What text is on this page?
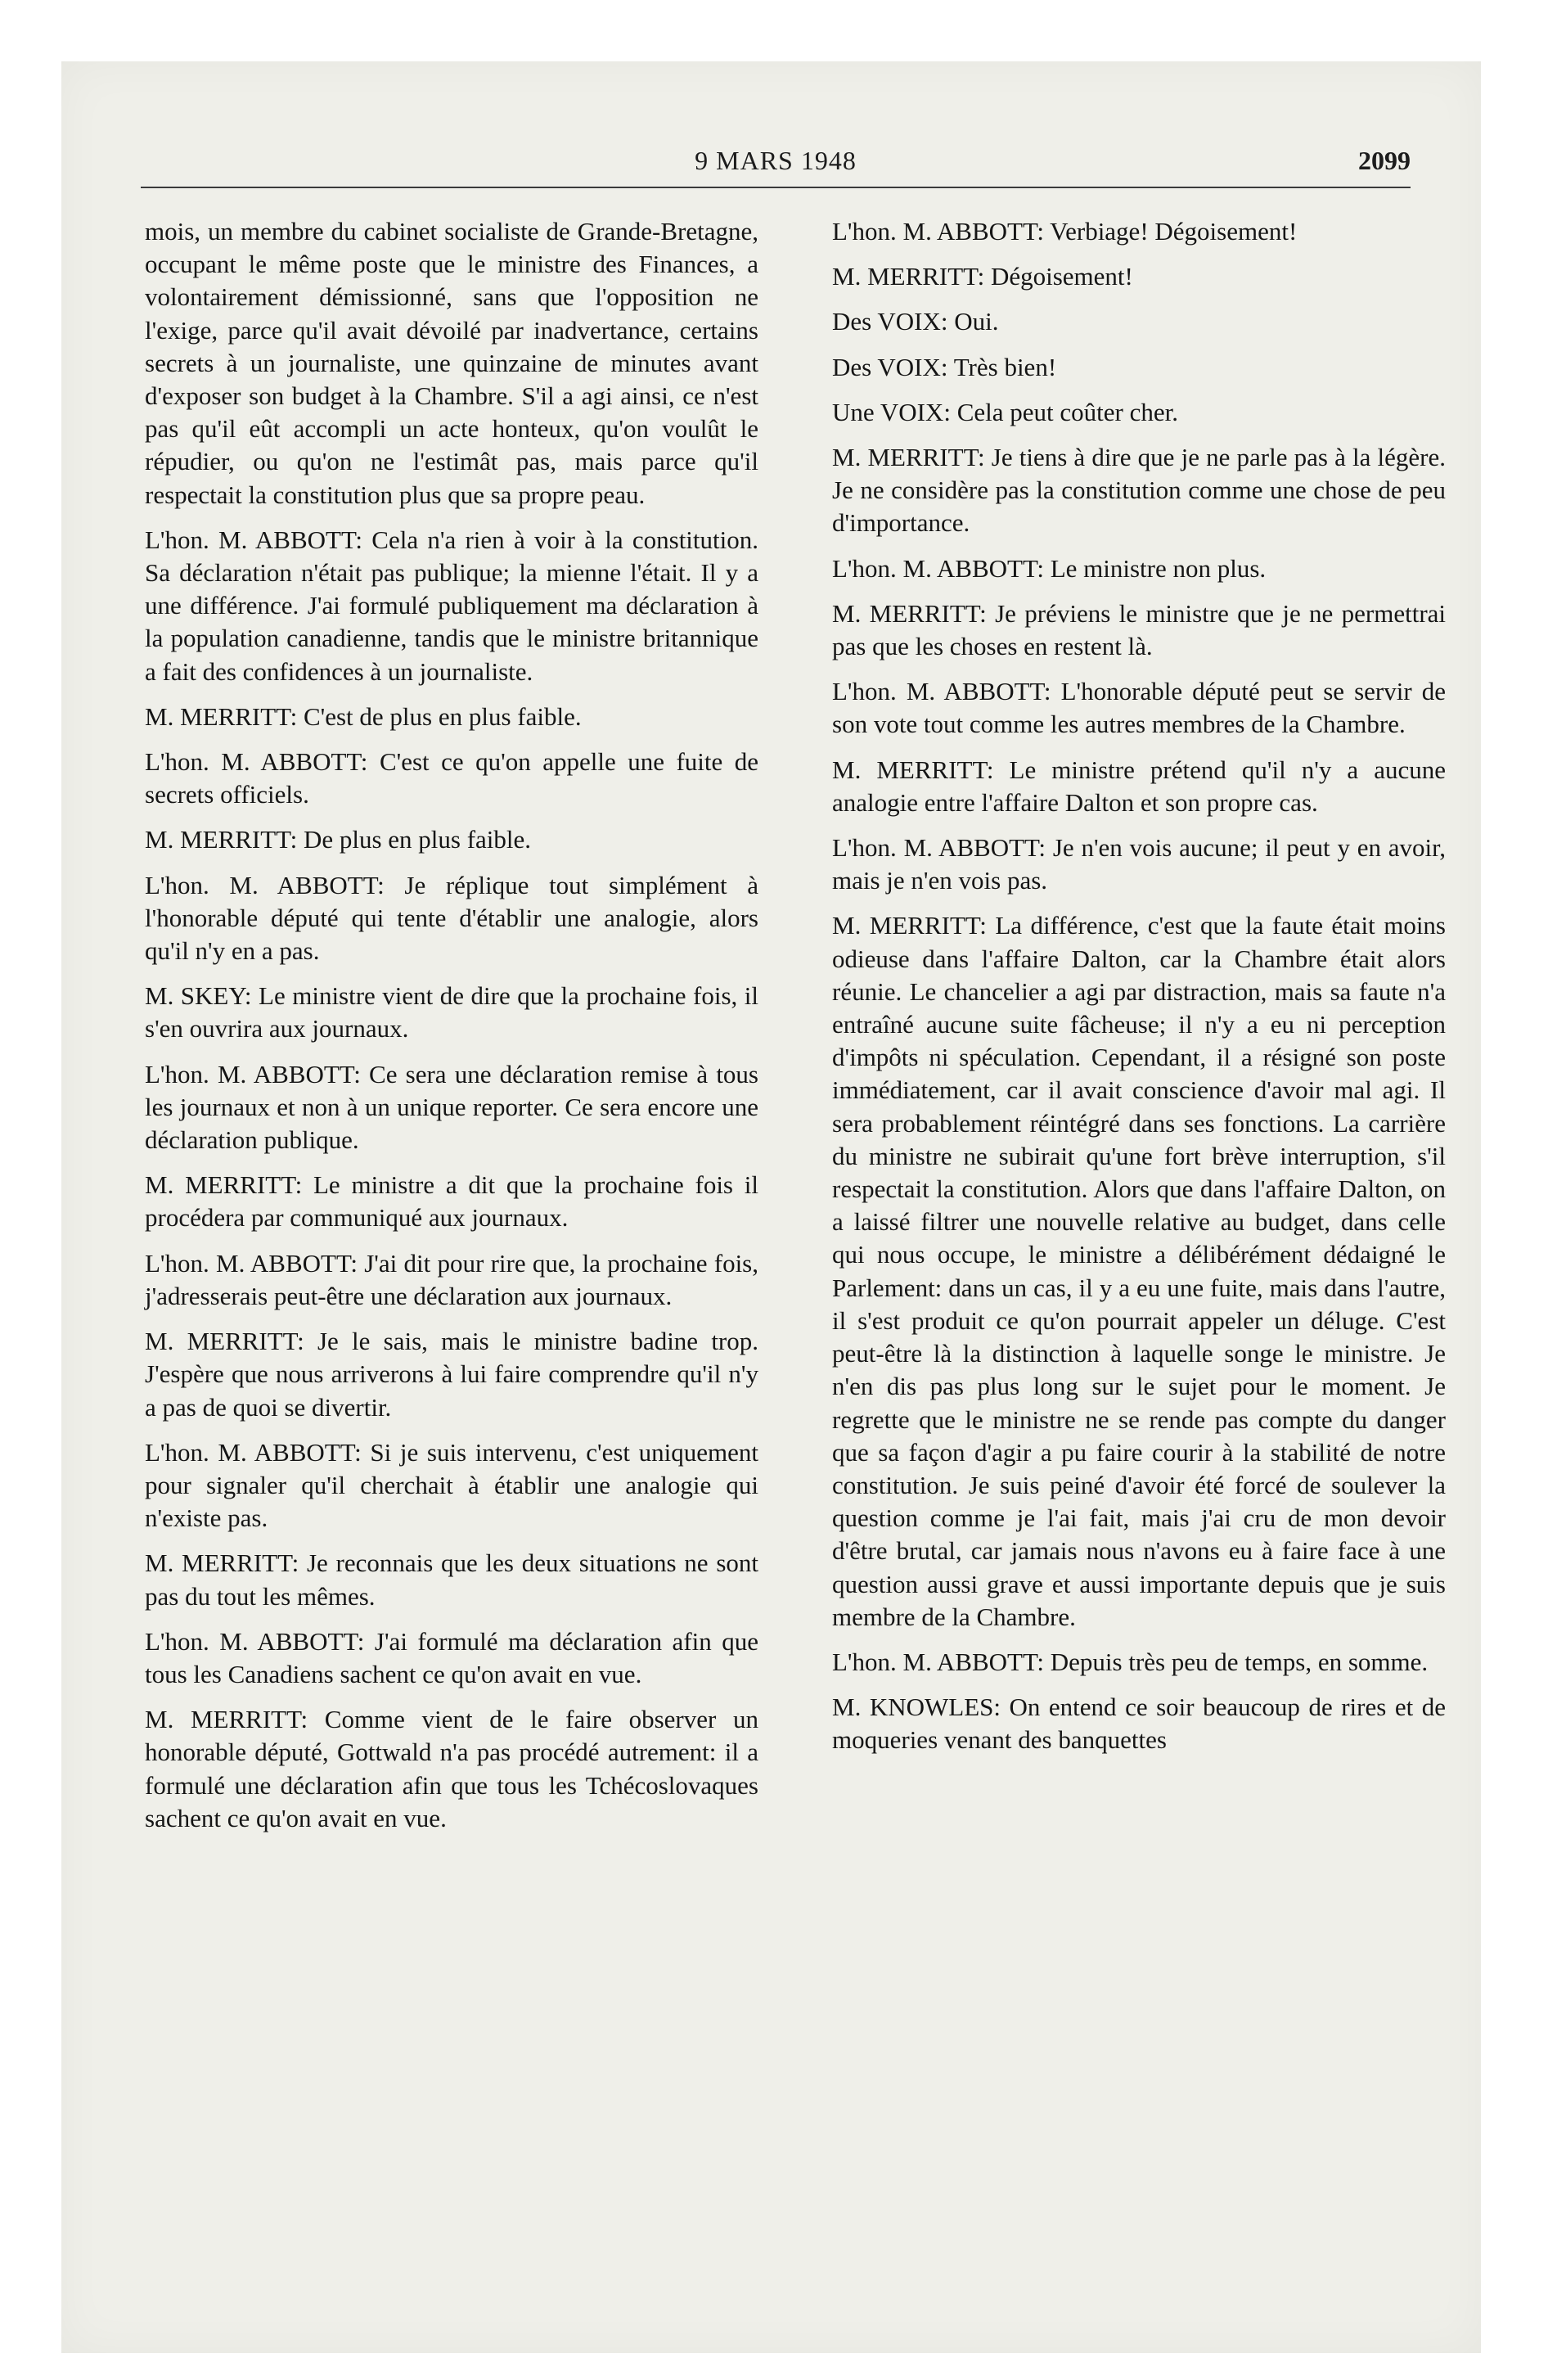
9 MARS 1948	2099

mois, un membre du cabinet socialiste de Grande-Bretagne, occupant le même poste que le ministre des Finances, a volontairement démissionné, sans que l'opposition ne l'exige, parce qu'il avait dévoilé par inadvertance, certains secrets à un journaliste, une quinzaine de minutes avant d'exposer son budget à la Chambre. S'il a agi ainsi, ce n'est pas qu'il eût accompli un acte honteux, qu'on voulût le répudier, ou qu'on ne l'estimât pas, mais parce qu'il respectait la constitution plus que sa propre peau.

L'hon. M. ABBOTT: Cela n'a rien à voir à la constitution. Sa déclaration n'était pas publique; la mienne l'était. Il y a une différence. J'ai formulé publiquement ma déclaration à la population canadienne, tandis que le ministre britannique a fait des confidences à un journaliste.

M. MERRITT: C'est de plus en plus faible.

L'hon. M. ABBOTT: C'est ce qu'on appelle une fuite de secrets officiels.

M. MERRITT: De plus en plus faible.

L'hon. M. ABBOTT: Je réplique tout simplément à l'honorable député qui tente d'établir une analogie, alors qu'il n'y en a pas.

M. SKEY: Le ministre vient de dire que la prochaine fois, il s'en ouvrira aux journaux.

L'hon. M. ABBOTT: Ce sera une déclaration remise à tous les journaux et non à un unique reporter. Ce sera encore une déclaration publique.

M. MERRITT: Le ministre a dit que la prochaine fois il procédera par communiqué aux journaux.

L'hon. M. ABBOTT: J'ai dit pour rire que, la prochaine fois, j'adresserais peut-être une déclaration aux journaux.

M. MERRITT: Je le sais, mais le ministre badine trop. J'espère que nous arriverons à lui faire comprendre qu'il n'y a pas de quoi se divertir.

L'hon. M. ABBOTT: Si je suis intervenu, c'est uniquement pour signaler qu'il cherchait à établir une analogie qui n'existe pas.

M. MERRITT: Je reconnais que les deux situations ne sont pas du tout les mêmes.

L'hon. M. ABBOTT: J'ai formulé ma déclaration afin que tous les Canadiens sachent ce qu'on avait en vue.

M. MERRITT: Comme vient de le faire observer un honorable député, Gottwald n'a pas procédé autrement: il a formulé une déclaration afin que tous les Tchécoslovaques sachent ce qu'on avait en vue.

L'hon. M. ABBOTT: Verbiage! Dégoisement!

M. MERRITT: Dégoisement!

Des VOIX: Oui.

Des VOIX: Très bien!

Une VOIX: Cela peut coûter cher.

M. MERRITT: Je tiens à dire que je ne parle pas à la légère. Je ne considère pas la constitution comme une chose de peu d'importance.

L'hon. M. ABBOTT: Le ministre non plus.

M. MERRITT: Je préviens le ministre que je ne permettrai pas que les choses en restent là.

L'hon. M. ABBOTT: L'honorable député peut se servir de son vote tout comme les autres membres de la Chambre.

M. MERRITT: Le ministre prétend qu'il n'y a aucune analogie entre l'affaire Dalton et son propre cas.

L'hon. M. ABBOTT: Je n'en vois aucune; il peut y en avoir, mais je n'en vois pas.

M. MERRITT: La différence, c'est que la faute était moins odieuse dans l'affaire Dalton, car la Chambre était alors réunie. Le chancelier a agi par distraction, mais sa faute n'a entraîné aucune suite fâcheuse; il n'y a eu ni perception d'impôts ni spéculation. Cependant, il a résigné son poste immédiatement, car il avait conscience d'avoir mal agi. Il sera probablement réintégré dans ses fonctions. La carrière du ministre ne subirait qu'une fort brève interruption, s'il respectait la constitution. Alors que dans l'affaire Dalton, on a laissé filtrer une nouvelle relative au budget, dans celle qui nous occupe, le ministre a délibérément dédaigné le Parlement: dans un cas, il y a eu une fuite, mais dans l'autre, il s'est produit ce qu'on pourrait appeler un déluge. C'est peut-être là la distinction à laquelle songe le ministre. Je n'en dis pas plus long sur le sujet pour le moment. Je regrette que le ministre ne se rende pas compte du danger que sa façon d'agir a pu faire courir à la stabilité de notre constitution. Je suis peiné d'avoir été forcé de soulever la question comme je l'ai fait, mais j'ai cru de mon devoir d'être brutal, car jamais nous n'avons eu à faire face à une question aussi grave et aussi importante depuis que je suis membre de la Chambre.

L'hon. M. ABBOTT: Depuis très peu de temps, en somme.

M. KNOWLES: On entend ce soir beaucoup de rires et de moqueries venant des banquettes
